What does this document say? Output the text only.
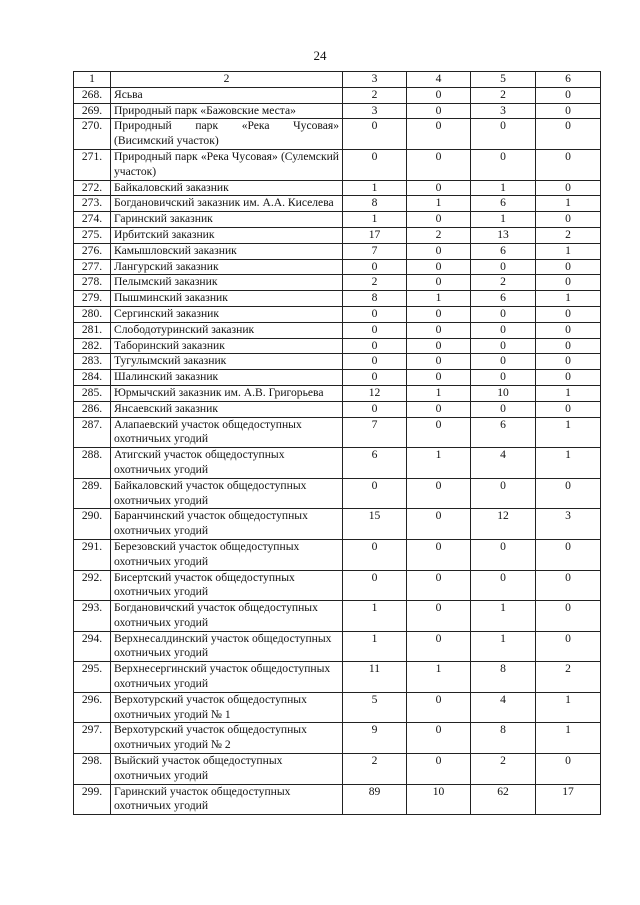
24
1	2	3	4	5	6
268.	Ясьва	2	0	2	0
269.	Природный парк «Бажовские места»	3	0	3	0
270.	Природный парк «Река Чусовая» (Висимский участок)	0	0	0	0
271.	Природный парк «Река Чусовая» (Сулемский участок)	0	0	0	0
272.	Байкаловский заказник	1	0	1	0
273.	Богдановичский заказник им. А.А. Киселева	8	1	6	1
274.	Гаринский заказник	1	0	1	0
275.	Ирбитский заказник	17	2	13	2
276.	Камышловский заказник	7	0	6	1
277.	Лангурский заказник	0	0	0	0
278.	Пелымский заказник	2	0	2	0
279.	Пышминский заказник	8	1	6	1
280.	Сергинский заказник	0	0	0	0
281.	Слободотуринский заказник	0	0	0	0
282.	Таборинский заказник	0	0	0	0
283.	Тугулымский заказник	0	0	0	0
284.	Шалинский заказник	0	0	0	0
285.	Юрмычский заказник им. А.В. Григорьева	12	1	10	1
286.	Янсаевский заказник	0	0	0	0
287.	Алапаевский участок общедоступных охотничьих угодий	7	0	6	1
288.	Атигский участок общедоступных охотничьих угодий	6	1	4	1
289.	Байкаловский участок общедоступных охотничьих угодий	0	0	0	0
290.	Баранчинский участок общедоступных охотничьих угодий	15	0	12	3
291.	Березовский участок общедоступных охотничьих угодий	0	0	0	0
292.	Бисертский участок общедоступных охотничьих угодий	0	0	0	0
293.	Богдановичский участок общедоступных охотничьих угодий	1	0	1	0
294.	Верхнесалдинский участок общедоступных охотничьих угодий	1	0	1	0
295.	Верхнесергинский участок общедоступных охотничьих угодий	11	1	8	2
296.	Верхотурский участок общедоступных охотничьих угодий № 1	5	0	4	1
297.	Верхотурский участок общедоступных охотничьих угодий № 2	9	0	8	1
298.	Выйский участок общедоступных охотничьих угодий	2	0	2	0
299.	Гаринский участок общедоступных охотничьих угодий	89	10	62	17
